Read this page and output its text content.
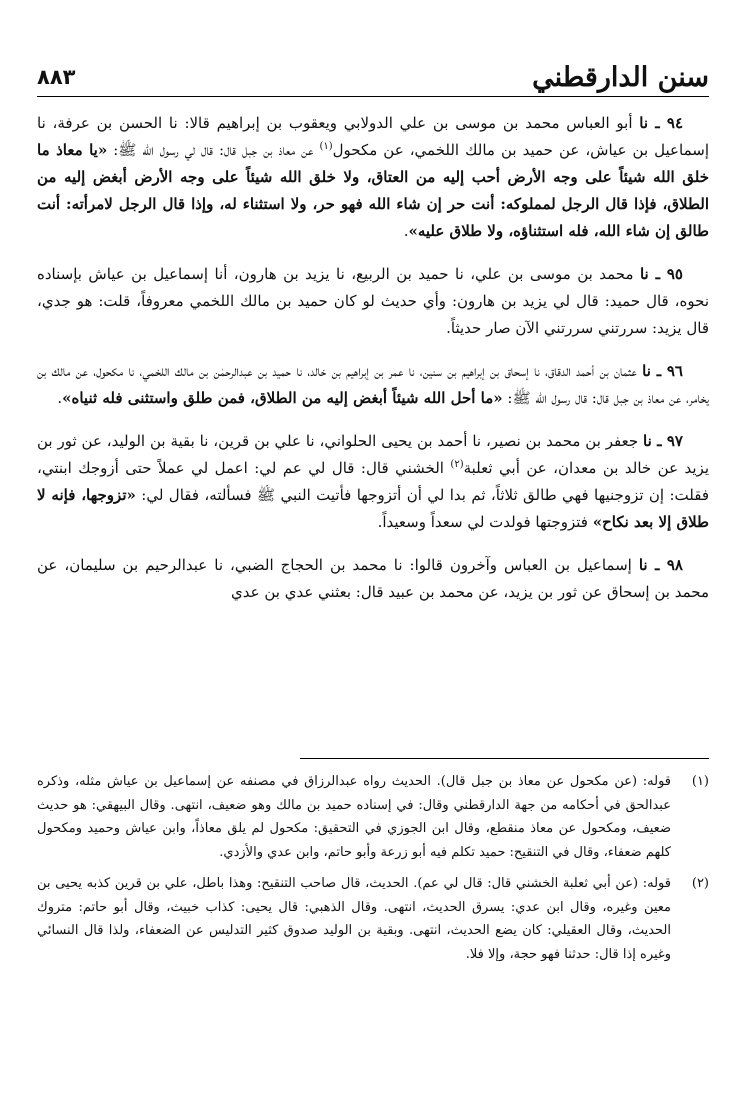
سنن الدارقطني
٨٨٣

٩٤ ـ نا أبو العباس محمد بن موسى بن علي الدولابي ويعقوب بن إبراهيم قالا: نا الحسن بن عرفة، نا إسماعيل بن عياش، عن حميد بن مالك اللخمي، عن مكحول$^{(١)}$ عن معاذ بن جبل قال: قال لي رسول الله ﷺ: «يا معاذ ما خلق الله شيئاً على وجه الأرض أحب إليه من العتاق، ولا خلق الله شيئاً على وجه الأرض أبغض إليه من الطلاق، فإذا قال الرجل لمملوكه: أنت حر إن شاء الله فهو حر، ولا استثناء له، وإذا قال الرجل لامرأته: أنت طالق إن شاء الله، فله استثناؤه، ولا طلاق عليه».

٩٥ ـ نا محمد بن موسى بن علي، نا حميد بن الربيع، نا يزيد بن هارون، أنا إسماعيل بن عياش بإسناده نحوه، قال حميد: قال لي يزيد بن هارون: وأي حديث لو كان حميد بن مالك اللخمي معروفاً، قلت: هو جدي، قال يزيد: سررتني سررتني الآن صار حديثاً.

٩٦ ـ نا عثمان بن أحمد الدقاق، نا إسحاق بن إبراهيم بن سنين، نا عمر بن إبراهيم بن خالد، نا حميد بن عبدالرحمٰن بن مالك اللخمي، نا مكحول، عن مالك بن يخامر، عن معاذ بن جبل قال: قال رسول الله ﷺ: «ما أحل الله شيئاً أبغض إليه من الطلاق، فمن طلق واستثنى فله ثنياه».

٩٧ ـ نا جعفر بن محمد بن نصير، نا أحمد بن يحيى الحلواني، نا علي بن قرين، نا بقية بن الوليد، عن ثور بن يزيد عن خالد بن معدان، عن أبي ثعلبة$^{(٢)}$ الخشني قال: قال لي عم لي: اعمل لي عملاً حتى أزوجك ابنتي، فقلت: إن تزوجنيها فهي طالق ثلاثاً، ثم بدا لي أن أتزوجها فأتيت النبي ﷺ فسألته، فقال لي: «تزوجها، فإنه لا طلاق إلا بعد نكاح» فتزوجتها فولدت لي سعداً وسعيداً.

٩٨ ـ نا إسماعيل بن العباس وآخرون قالوا: نا محمد بن الحجاج الضبي، نا عبدالرحيم بن سليمان، عن محمد بن إسحاق عن ثور بن يزيد، عن محمد بن عبيد قال: بعثني عدي بن عدي

(١)
قوله: (عن مكحول عن معاذ بن جبل قال). الحديث رواه عبدالرزاق في مصنفه عن إسماعيل بن عياش مثله، وذكره عبدالحق في أحكامه من جهة الدارقطني وقال: في إسناده حميد بن مالك وهو ضعيف، انتهى. وقال البيهقي: هو حديث ضعيف، ومكحول عن معاذ منقطع، وقال ابن الجوزي في التحقيق: مكحول لم يلق معاذاً، وابن عياش وحميد ومكحول كلهم ضعفاء، وقال في التنقيح: حميد تكلم فيه أبو زرعة وأبو حاتم، وابن عدي والأزدي.
(٢)
قوله: (عن أبي ثعلبة الخشني قال: قال لي عم). الحديث، قال صاحب التنقيح: وهذا باطل، علي بن قرين كذبه يحيى بن معين وغيره، وقال ابن عدي: يسرق الحديث، انتهى. وقال الذهبي: قال يحيى: كذاب خبيث، وقال أبو حاتم: متروك الحديث، وقال العقيلي: كان يضع الحديث، انتهى. وبقية بن الوليد صدوق كثير التدليس عن الضعفاء، ولذا قال النسائي وغيره إذا قال: حدثنا فهو حجة، وإلا فلا.
